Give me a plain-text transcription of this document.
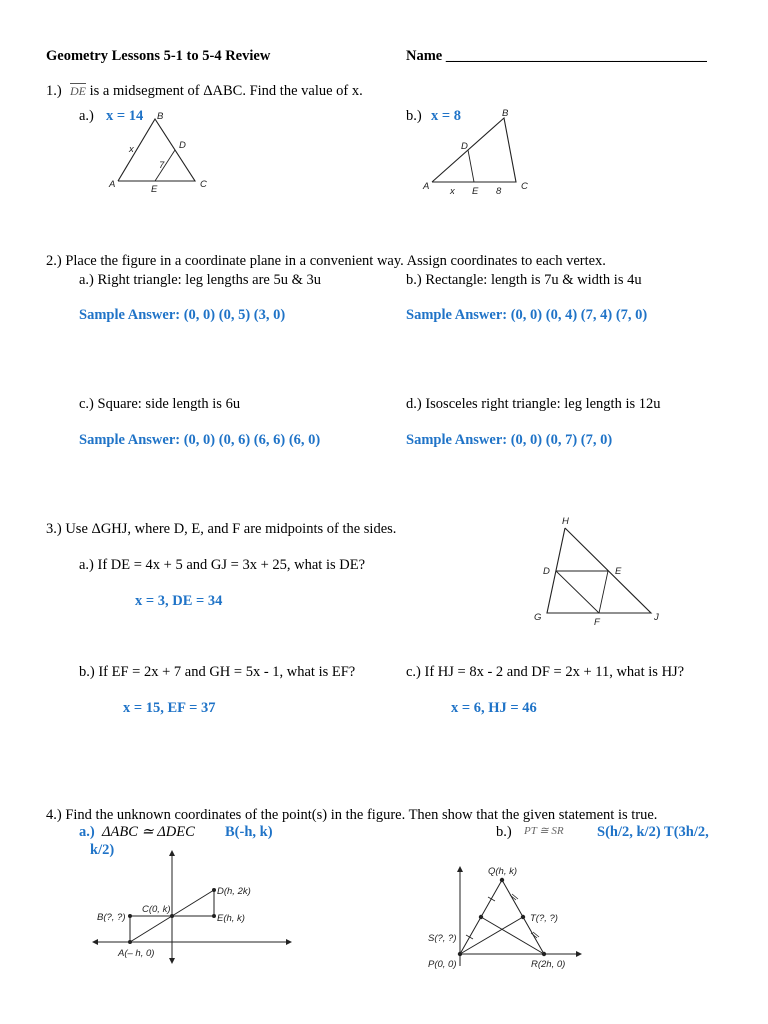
Geometry Lessons 5-1 to 5-4 Review	Name ____________________________________
1.) $\overline{DE}$ is a midsegment of ΔABC. Find the value of x.
a.) x = 14	b.) x = 8
B
D
x
7
A	E	C
B
D
A x E 8 C
2.) Place the figure in a coordinate plane in a convenient way. Assign coordinates to each vertex.
a.) Right triangle: leg lengths are 5u & 3u	b.) Rectangle: length is 7u & width is 4u
Sample Answer: (0, 0) (0, 5) (3, 0)	Sample Answer: (0, 0) (0, 4) (7, 4) (7, 0)
c.) Square: side length is 6u	d.) Isosceles right triangle: leg length is 12u
Sample Answer: (0, 0) (0, 6) (6, 6) (6, 0)	Sample Answer: (0, 0) (0, 7) (7, 0)
3.) Use ΔGHJ, where D, E, and F are midpoints of the sides.
a.) If DE = 4x + 5 and GJ = 3x + 25, what is DE?
x = 3, DE = 34
b.) If EF = 2x + 7 and GH = 5x - 1, what is EF?
x = 15, EF = 37
c.) If HJ = 8x - 2 and DF = 2x + 11, what is HJ?
x = 6, HJ = 46
H
D	E
G	F	J
4.) Find the unknown coordinates of the point(s) in the figure. Then show that the given statement is true.
a.) ΔABC ≃ ΔDEC B(-h, k)	b.) PT ≅ SR S(h/2, k/2) T(3h/2,
k/2)
D(h, 2k)
C(0, k)
B(?, ?)	E(h, k)
A(– h, 0)
Q(h, k)
T(?, ?)
S(?, ?)
P(0, 0)	R(2h, 0)
